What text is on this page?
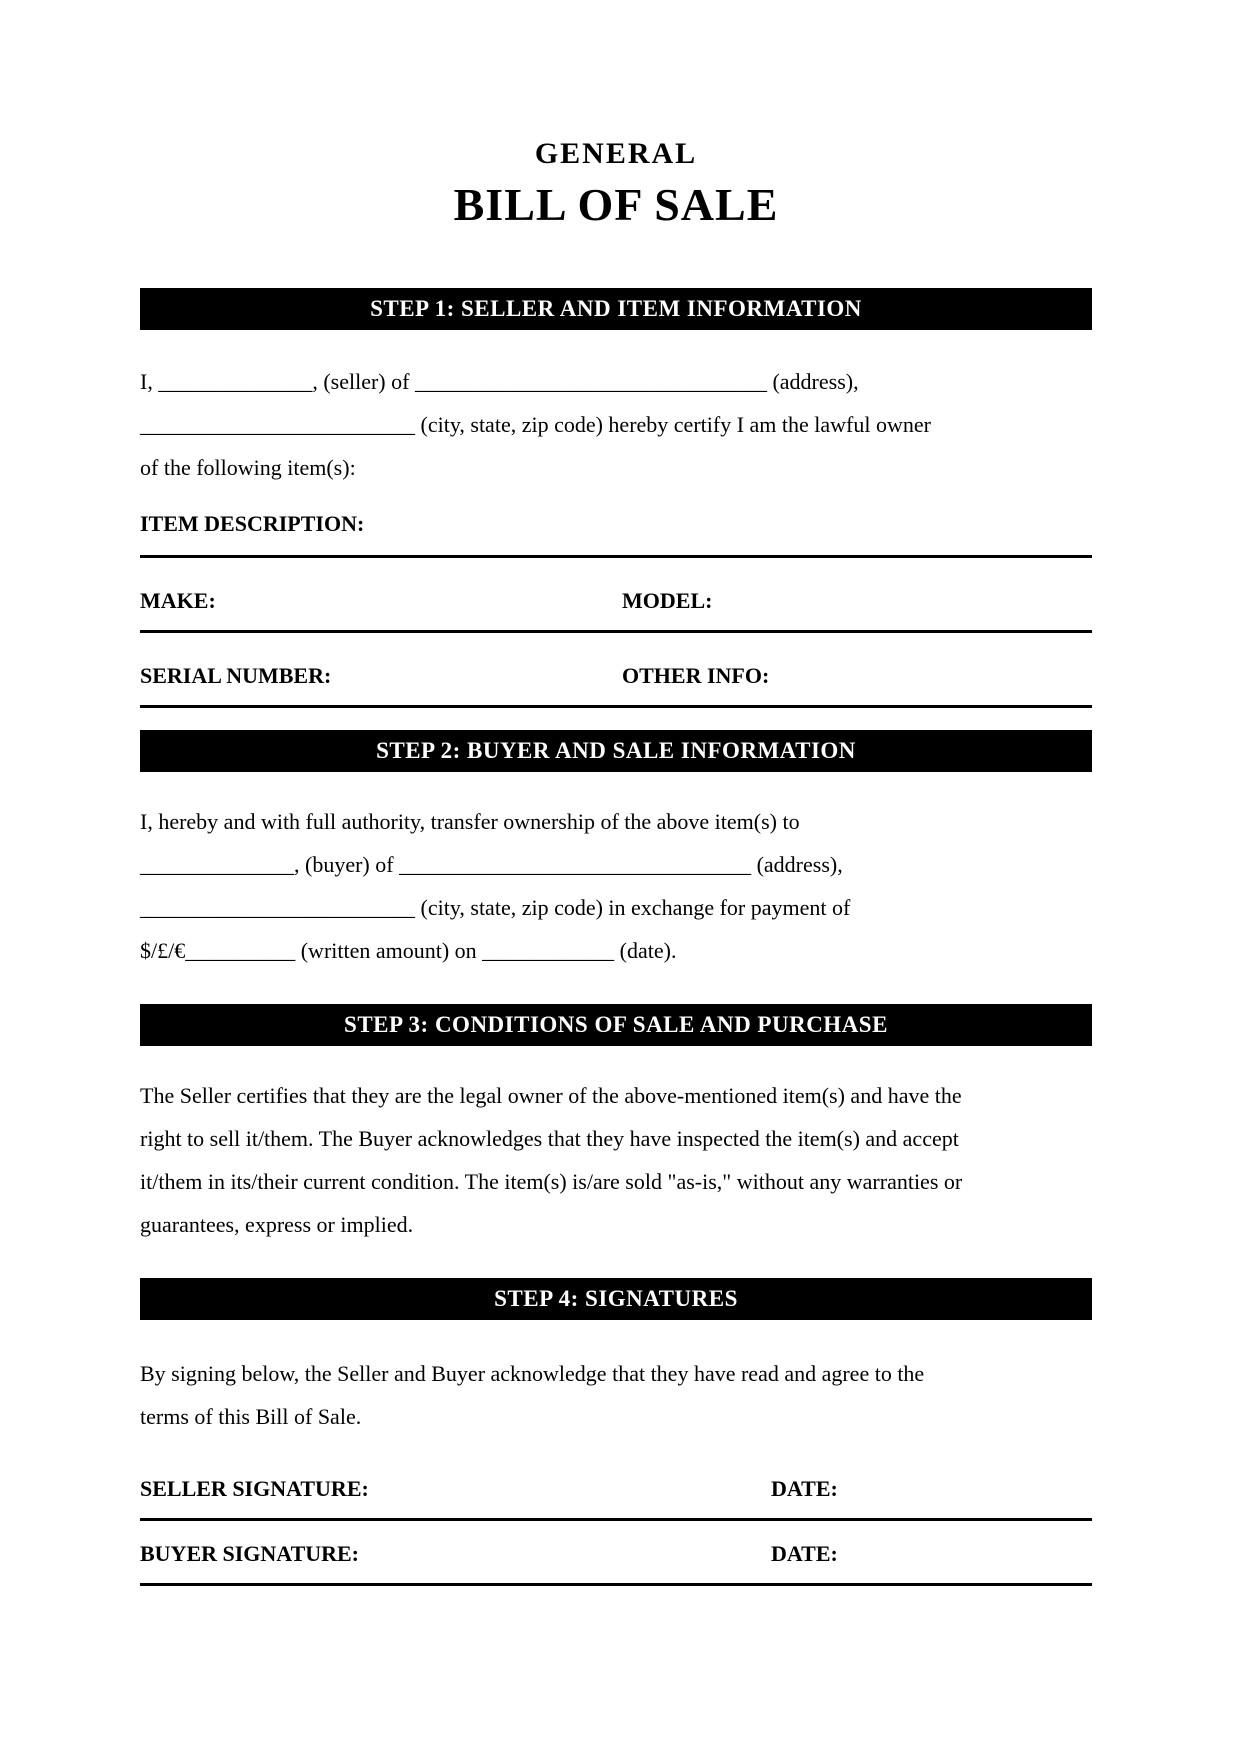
GENERAL
BILL OF SALE
STEP 1: SELLER AND ITEM INFORMATION

I, ______________, (seller) of ________________________________ (address),
_________________________ (city, state, zip code) hereby certify I am the lawful owner
of the following item(s):

ITEM DESCRIPTION:
MAKE:	MODEL:
SERIAL NUMBER:	OTHER INFO:
STEP 2: BUYER AND SALE INFORMATION

I, hereby and with full authority, transfer ownership of the above item(s) to
______________, (buyer) of ________________________________ (address),
_________________________ (city, state, zip code) in exchange for payment of
$/£/€__________ (written amount) on ____________ (date).

STEP 3: CONDITIONS OF SALE AND PURCHASE

The Seller certifies that they are the legal owner of the above-mentioned item(s) and have the
right to sell it/them. The Buyer acknowledges that they have inspected the item(s) and accept
it/them in its/their current condition. The item(s) is/are sold "as-is," without any warranties or
guarantees, express or implied.

STEP 4: SIGNATURES

By signing below, the Seller and Buyer acknowledge that they have read and agree to the
terms of this Bill of Sale.

SELLER SIGNATURE:	DATE:
BUYER SIGNATURE:	DATE:
